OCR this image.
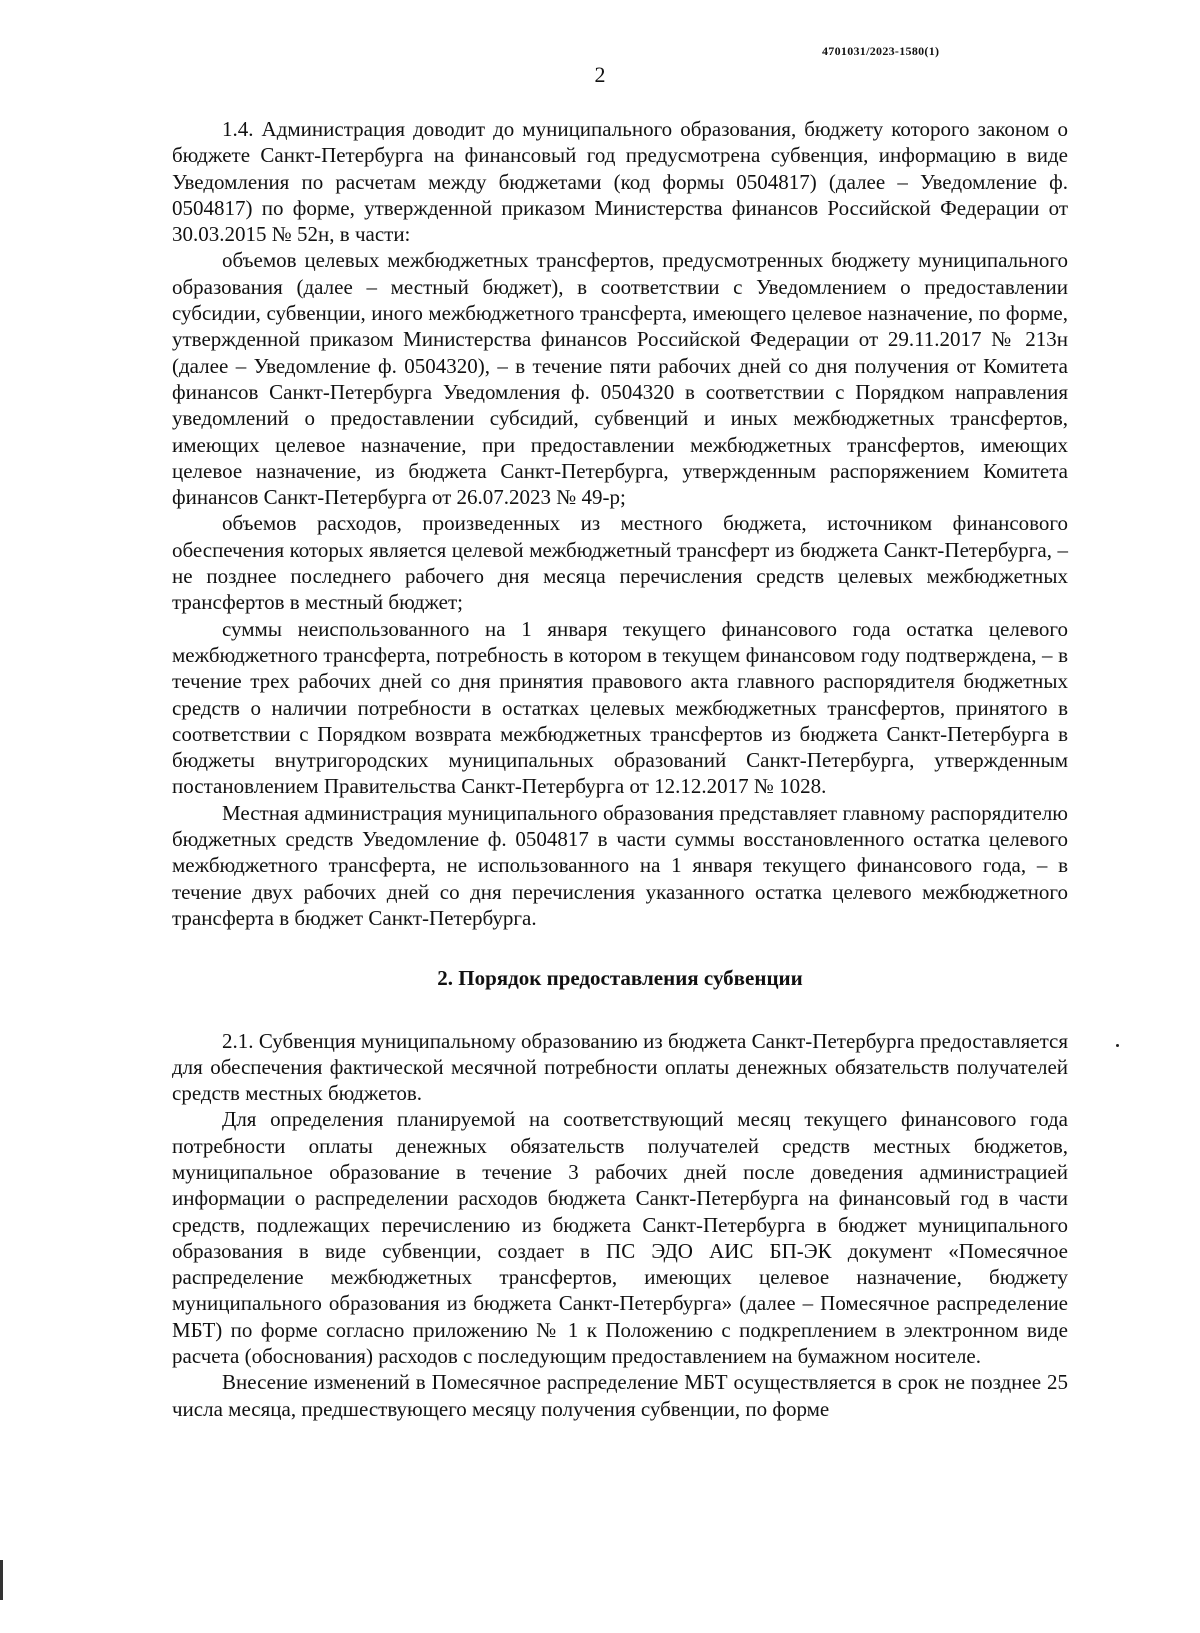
4701031/2023-1580(1)
2

1.4. Администрация доводит до муниципального образования, бюджету которого законом о бюджете Санкт-Петербурга на финансовый год предусмотрена субвенция, информацию в виде Уведомления по расчетам между бюджетами (код формы 0504817) (далее – Уведомление ф. 0504817) по форме, утвержденной приказом Министерства финансов Российской Федерации от 30.03.2015 № 52н, в части:

объемов целевых межбюджетных трансфертов, предусмотренных бюджету муниципального образования (далее – местный бюджет), в соответствии с Уведомлением о предоставлении субсидии, субвенции, иного межбюджетного трансферта, имеющего целевое назначение, по форме, утвержденной приказом Министерства финансов Российской Федерации от 29.11.2017 № 213н (далее – Уведомление ф. 0504320), – в течение пяти рабочих дней со дня получения от Комитета финансов Санкт-Петербурга Уведомления ф. 0504320 в соответствии с Порядком направления уведомлений о предоставлении субсидий, субвенций и иных межбюджетных трансфертов, имеющих целевое назначение, при предоставлении межбюджетных трансфертов, имеющих целевое назначение, из бюджета Санкт-Петербурга, утвержденным распоряжением Комитета финансов Санкт-Петербурга от 26.07.2023 № 49-р;

объемов расходов, произведенных из местного бюджета, источником финансового обеспечения которых является целевой межбюджетный трансферт из бюджета Санкт-Петербурга, – не позднее последнего рабочего дня месяца перечисления средств целевых межбюджетных трансфертов в местный бюджет;

суммы неиспользованного на 1 января текущего финансового года остатка целевого межбюджетного трансферта, потребность в котором в текущем финансовом году подтверждена, – в течение трех рабочих дней со дня принятия правового акта главного распорядителя бюджетных средств о наличии потребности в остатках целевых межбюджетных трансфертов, принятого в соответствии с Порядком возврата межбюджетных трансфертов из бюджета Санкт-Петербурга в бюджеты внутригородских муниципальных образований Санкт-Петербурга, утвержденным постановлением Правительства Санкт-Петербурга от 12.12.2017 № 1028.

Местная администрация муниципального образования представляет главному распорядителю бюджетных средств Уведомление ф. 0504817 в части суммы восстановленного остатка целевого межбюджетного трансферта, не использованного на 1 января текущего финансового года, – в течение двух рабочих дней со дня перечисления указанного остатка целевого межбюджетного трансферта в бюджет Санкт-Петербурга.

2. Порядок предоставления субвенции

2.1. Субвенция муниципальному образованию из бюджета Санкт-Петербурга предоставляется для обеспечения фактической месячной потребности оплаты денежных обязательств получателей средств местных бюджетов.

Для определения планируемой на соответствующий месяц текущего финансового года потребности оплаты денежных обязательств получателей средств местных бюджетов, муниципальное образование в течение 3 рабочих дней после доведения администрацией информации о распределении расходов бюджета Санкт-Петербурга на финансовый год в части средств, подлежащих перечислению из бюджета Санкт-Петербурга в бюджет муниципального образования в виде субвенции, создает в ПС ЭДО АИС БП-ЭК документ «Помесячное распределение межбюджетных трансфертов, имеющих целевое назначение, бюджету муниципального образования из бюджета Санкт-Петербурга» (далее – Помесячное распределение МБТ) по форме согласно приложению № 1 к Положению с подкреплением в электронном виде расчета (обоснования) расходов с последующим предоставлением на бумажном носителе.

Внесение изменений в Помесячное распределение МБТ осуществляется в срок не позднее 25 числа месяца, предшествующего месяцу получения субвенции, по форме
